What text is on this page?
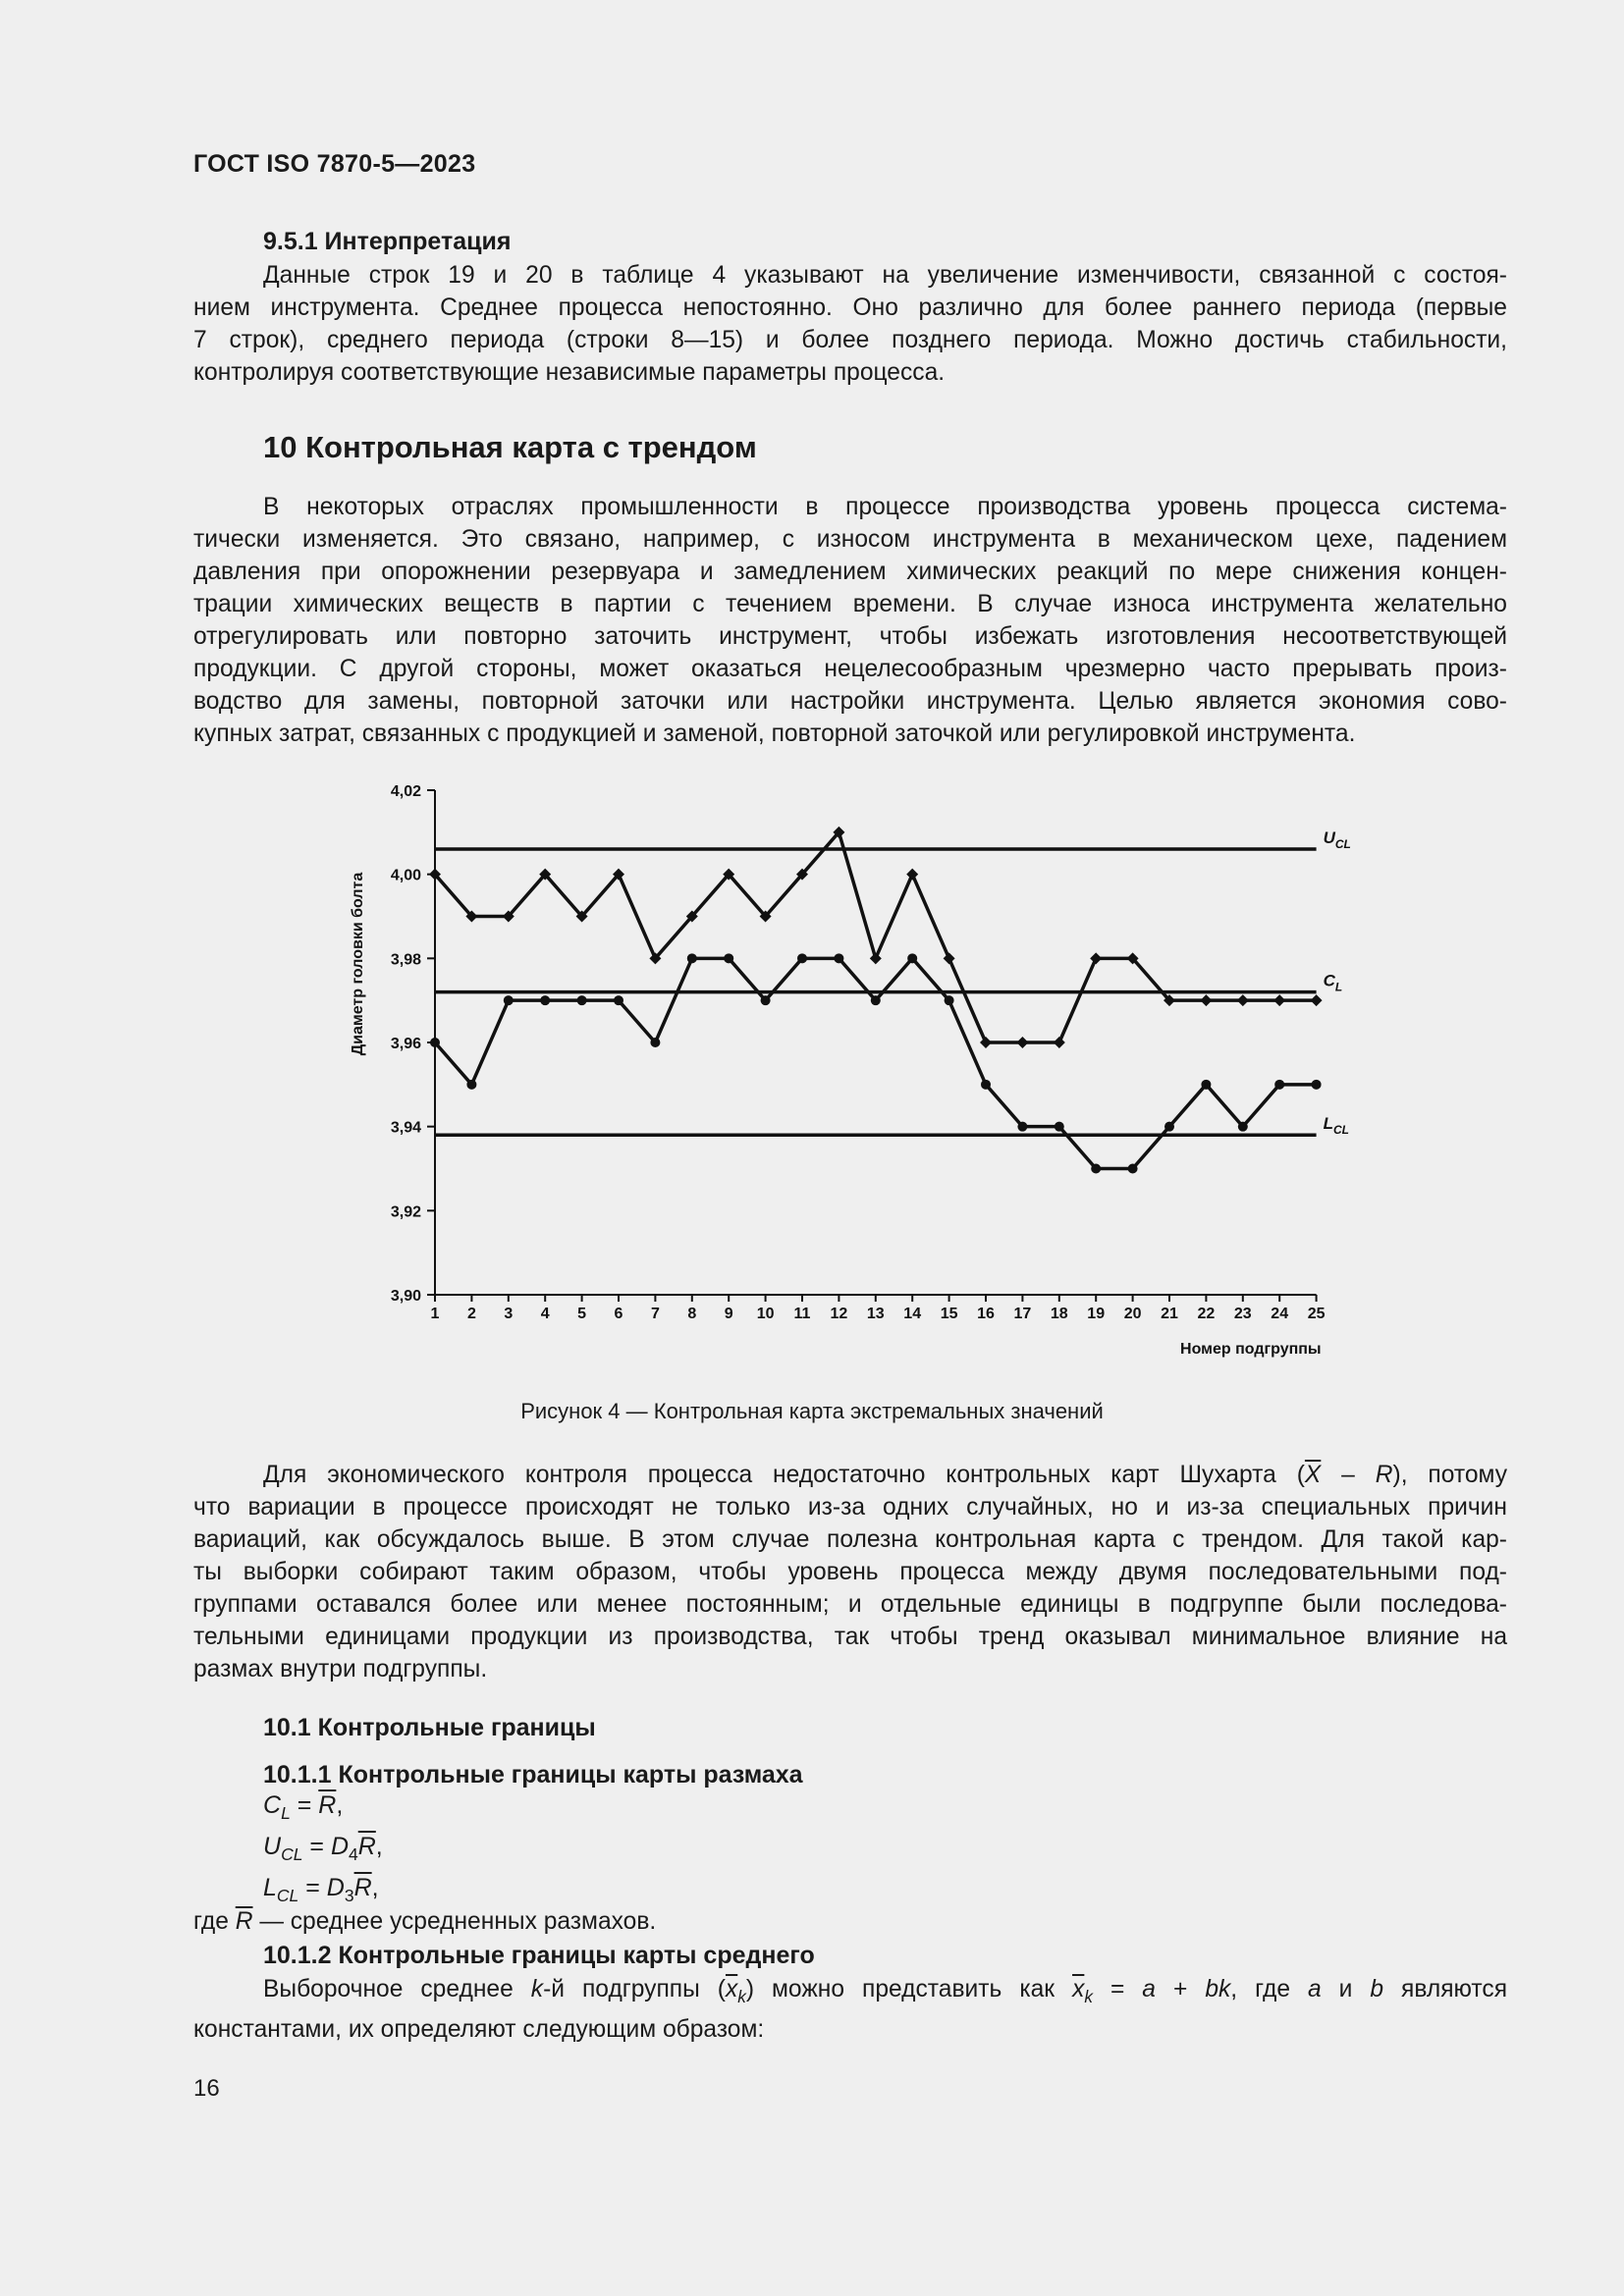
ГОСТ ISO 7870-5—2023
9.5.1 Интерпретация
Данные строк 19 и 20 в таблице 4 указывают на увеличение изменчивости, связанной с состоя-
нием инструмента. Среднее процесса непостоянно. Оно различно для более раннего периода (первые
7 строк), среднего периода (строки 8—15) и более позднего периода. Можно достичь стабильности,
контролируя соответствующие независимые параметры процесса.
10 Контрольная карта с трендом
В некоторых отраслях промышленности в процессе производства уровень процесса система-
тически изменяется. Это связано, например, с износом инструмента в механическом цехе, падением
давления при опорожнении резервуара и замедлением химических реакций по мере снижения концен-
трации химических веществ в партии с течением времени. В случае износа инструмента желательно
отрегулировать или повторно заточить инструмент, чтобы избежать изготовления несоответствующей
продукции. С другой стороны, может оказаться нецелесообразным чрезмерно часто прерывать произ-
водство для замены, повторной заточки или настройки инструмента. Целью является экономия сово-
купных затрат, связанных с продукцией и заменой, повторной заточкой или регулировкой инструмента.
3,90
3,92
3,94
3,96
3,98
4,00
4,02
1 2 3 4 5 6 7 8 9 10 11 12 13 14 15 16 17 18 19 20 21 22 23 24 25
Диаметр головки болта
Номер подгруппы
$U_{CL}$
$C_L$
$L_{CL}$
Рисунок 4 — Контрольная карта экстремальных значений
Для экономического контроля процесса недостаточно контрольных карт Шухарта $(\overline{X} - R)$, потому
что вариации в процессе происходят не только из-за одних случайных, но и из-за специальных причин
вариаций, как обсуждалось выше. В этом случае полезна контрольная карта с трендом. Для такой кар-
ты выборки собирают таким образом, чтобы уровень процесса между двумя последовательными под-
группами оставался более или менее постоянным; и отдельные единицы в подгруппе были последова-
тельными единицами продукции из производства, так чтобы тренд оказывал минимальное влияние на
размах внутри подгруппы.
10.1 Контрольные границы
10.1.1 Контрольные границы карты размаха
$C_L = \overline{R}$,
$U_{CL} = D_4\overline{R}$,
$L_{CL} = D_3\overline{R}$,
где $\overline{R}$ — среднее усредненных размахов.
10.1.2 Контрольные границы карты среднего
Выборочное среднее k-й подгруппы $(\overline{x}_k)$ можно представить как $\overline{x}_k = a$ + bk, где a и b являются
константами, их определяют следующим образом:
16
